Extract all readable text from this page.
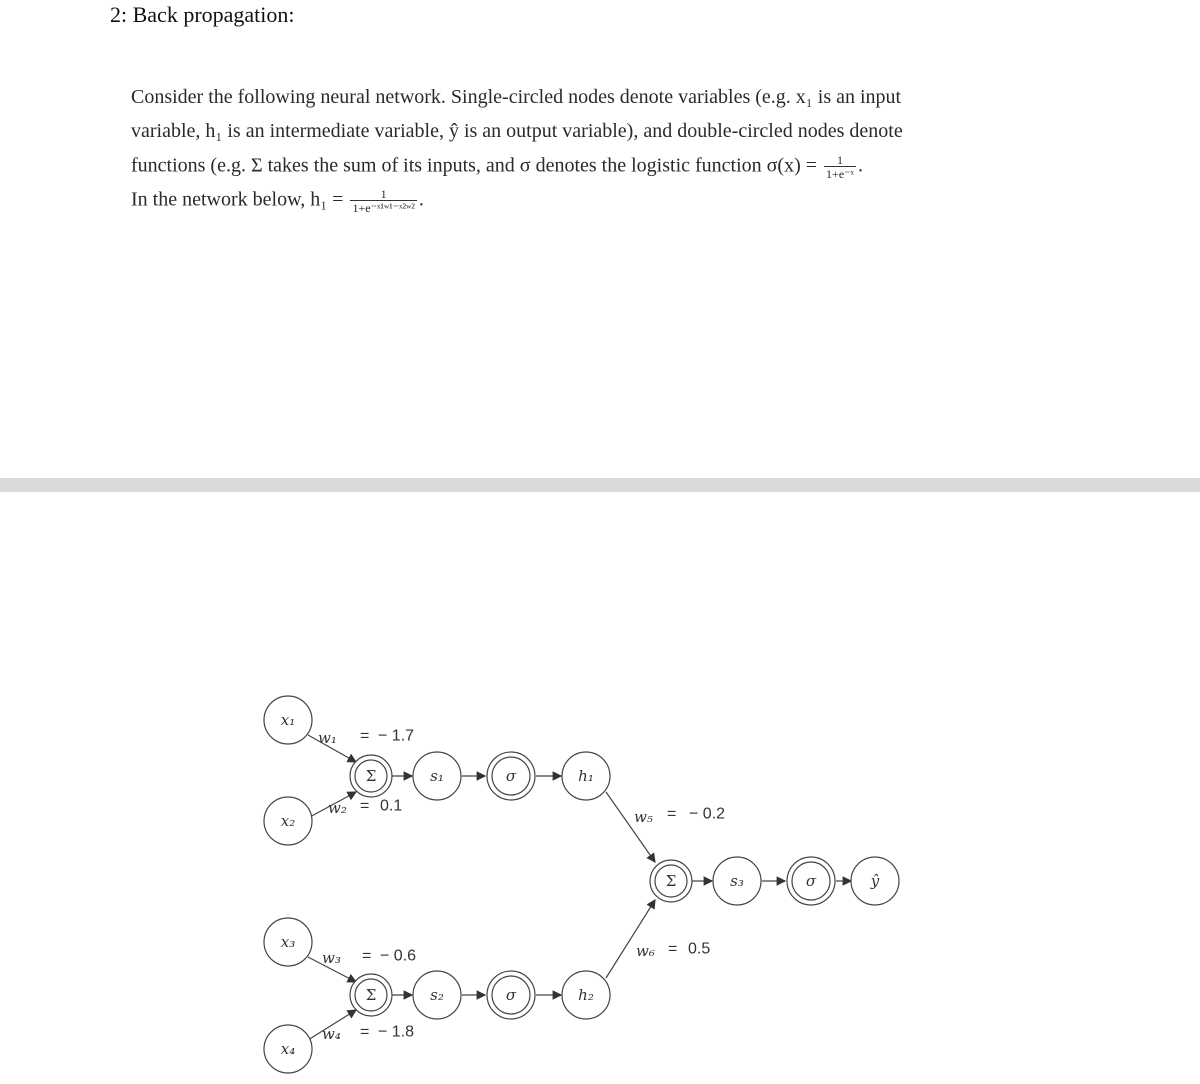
2: Back propagation:
Consider the following neural network. Single-circled nodes denote variables (e.g. x₁ is an input
variable, h₁ is an intermediate variable, ŷ is an output variable), and double-circled nodes denote
functions (e.g. Σ takes the sum of its inputs, and σ denotes the logistic function $\sigma(x) = \frac{1}{\text{1+e⁻ˣ}}$ .
In the network below, $h_1 = \frac{1}{\text{1+e⁻ˣ¹ʷ¹⁻ˣ²ʷ²}}$ .
x₁
x₂
x₃
x₄
Σ	s₁	σ	h₁
Σ	s₂	σ	h₂
Σ	s₃	σ	ŷ
w₁ = − 1.7
w₂ = 0.1
w₃ = − 0.6
w₄ = − 1.8
w₅ = − 0.2
w₆ = 0.5
